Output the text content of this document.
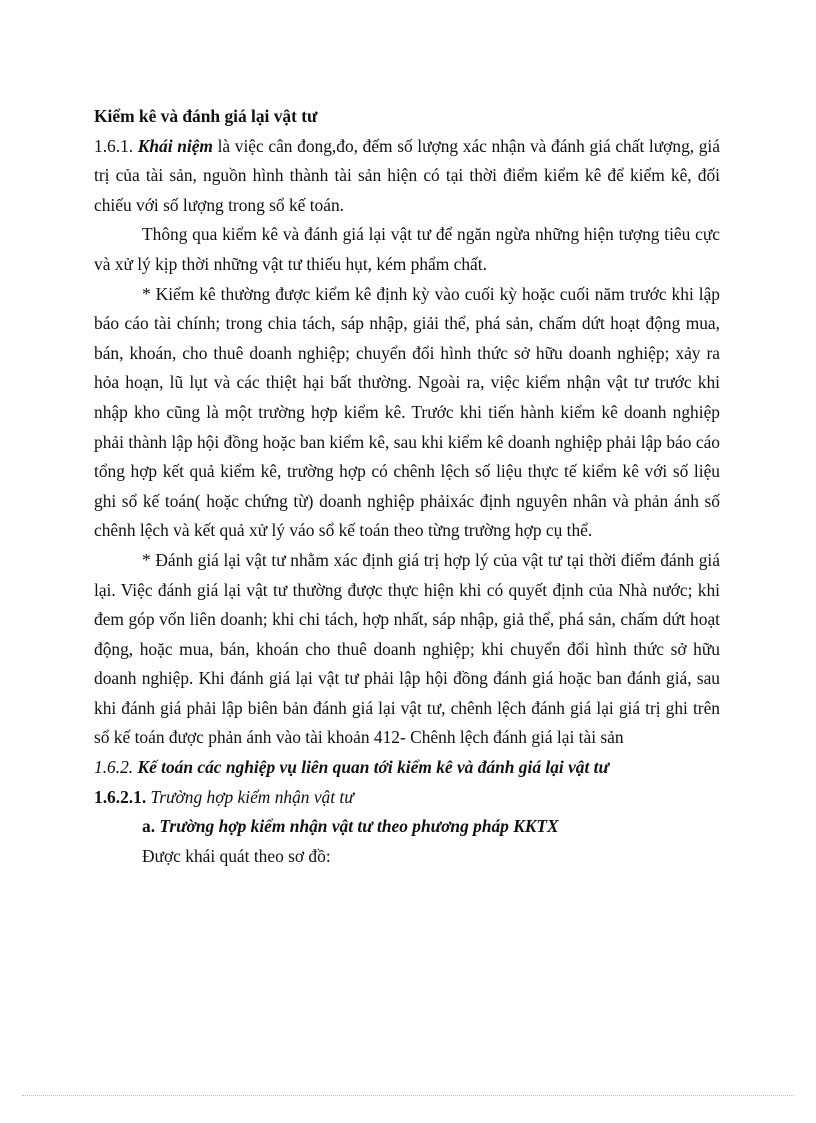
Kiểm kê và đánh giá lại vật tư

1.6.1. Khái niệm là việc cân đong,đo, đếm số lượng xác nhận và đánh giá chất lượng, giá trị của tài sản, nguồn hình thành tài sản hiện có tại thời điểm kiểm kê để kiểm kê, đối chiếu với số lượng trong sổ kế toán.

Thông qua kiểm kê và đánh giá lại vật tư để ngăn ngừa những hiện tượng tiêu cực và xử lý kịp thời những vật tư thiếu hụt, kém phẩm chất.

* Kiểm kê thường được kiểm kê định kỳ vào cuối kỳ hoặc cuối năm trước khi lập báo cáo tài chính; trong chia tách, sáp nhập, giải thể, phá sản, chấm dứt hoạt động mua, bán, khoán, cho thuê doanh nghiệp; chuyển đổi hình thức sở hữu doanh nghiệp; xảy ra hỏa hoạn, lũ lụt và các thiệt hại bất thường. Ngoài ra, việc kiểm nhận vật tư trước khi nhập kho cũng là một trường hợp kiểm kê. Trước khi tiến hành kiểm kê doanh nghiệp phải thành lập hội đồng hoặc ban kiểm kê, sau khi kiểm kê doanh nghiệp phải lập báo cáo tổng hợp kết quả kiểm kê, trường hợp có chênh lệch số liệu thực tế kiểm kê với số liệu ghi sổ kế toán( hoặc chứng từ) doanh nghiệp phảixác định nguyên nhân và phản ánh số chênh lệch và kết quả xử lý váo sổ kế toán theo từng trường hợp cụ thể.

* Đánh giá lại vật tư nhằm xác định giá trị hợp lý của vật tư tại thời điểm đánh giá lại. Việc đánh giá lại vật tư thường được thực hiện khi có quyết định của Nhà nước; khi đem góp vốn liên doanh; khi chi tách, hợp nhất, sáp nhập, giả thể, phá sản, chấm dứt hoạt động, hoặc mua, bán, khoán cho thuê doanh nghiệp; khi chuyển đổi hình thức sở hữu doanh nghiệp. Khi đánh giá lại vật tư phải lập hội đồng đánh giá hoặc ban đánh giá, sau khi đánh giá phải lập biên bản đánh giá lại vật tư, chênh lệch đánh giá lại giá trị ghi trên sổ kế toán được phản ánh vào tài khoản 412- Chênh lệch đánh giá lại tài sản

1.6.2. Kế toán các nghiệp vụ liên quan tới kiểm kê và đánh giá lại vật tư

1.6.2.1. Trường hợp kiểm nhận vật tư

a. Trường hợp kiểm nhận vật tư theo phương pháp KKTX

Được khái quát theo sơ đồ:
